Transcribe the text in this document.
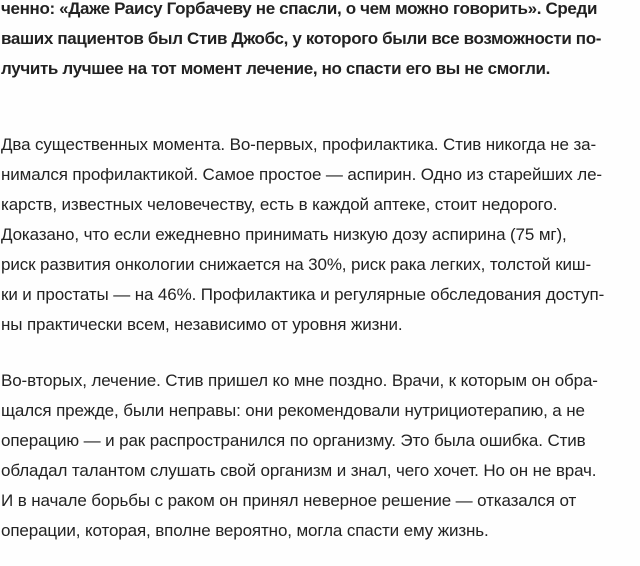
ченно: «Даже Раису Горбачеву не спасли, о чем можно говорить». Среди
ваших пациентов был Стив Джобс, у которого были все возможности по-
лучить лучшее на тот момент лечение, но спасти его вы не смогли.
Два существенных момента. Во-первых, профилактика. Стив никогда не за-
нимался профилактикой. Самое простое — аспирин. Одно из старейших ле-
карств, известных человечеству, есть в каждой аптеке, стоит недорого.
Доказано, что если ежедневно принимать низкую дозу аспирина (75 мг),
риск развития онкологии снижается на 30%, риск рака легких, толстой киш-
ки и простаты — на 46%. Профилактика и регулярные обследования доступ-
ны практически всем, независимо от уровня жизни.
Во-вторых, лечение. Стив пришел ко мне поздно. Врачи, к которым он обра-
щался прежде, были неправы: они рекомендовали нутрициотерапию, а не
операцию — и рак распространился по организму. Это была ошибка. Стив
обладал талантом слушать свой организм и знал, чего хочет. Но он не врач.
И в начале борьбы с раком он принял неверное решение — отказался от
операции, которая, вполне вероятно, могла спасти ему жизнь.
